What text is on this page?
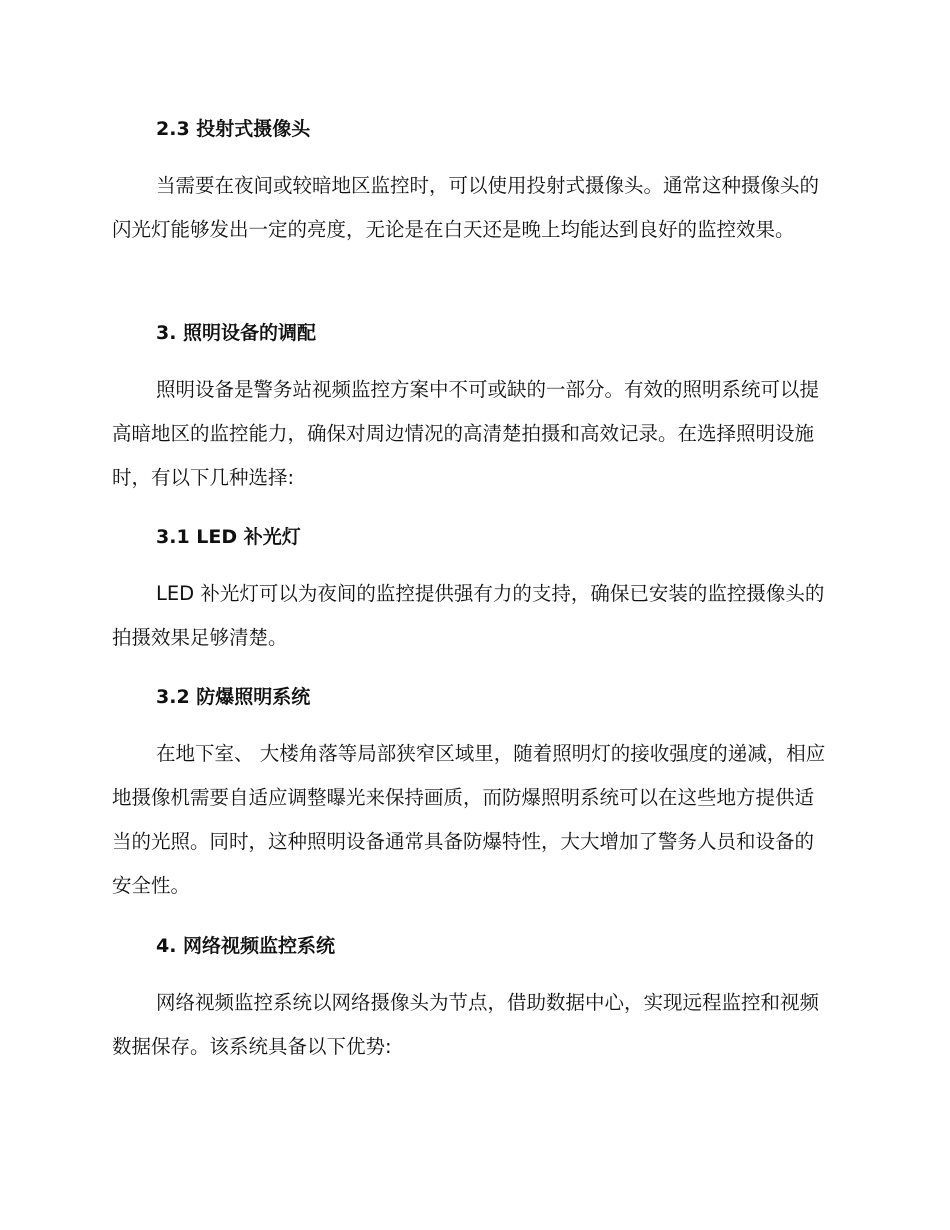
2.3 投射式摄像头

当需要在夜间或较暗地区监控时，可以使用投射式摄像头。通常这种摄像头的闪光灯能够发出一定的亮度，无论是在白天还是晚上均能达到良好的监控效果。

3. 照明设备的调配

照明设备是警务站视频监控方案中不可或缺的一部分。有效的照明系统可以提高暗地区的监控能力，确保对周边情况的高清楚拍摄和高效记录。在选择照明设施时，有以下几种选择:

3.1 LED 补光灯

LED 补光灯可以为夜间的监控提供强有力的支持，确保已安装的监控摄像头的拍摄效果足够清楚。

3.2 防爆照明系统

在地下室、 大楼角落等局部狭窄区域里，随着照明灯的接收强度的递减，相应地摄像机需要自适应调整曝光来保持画质，而防爆照明系统可以在这些地方提供适当的光照。同时，这种照明设备通常具备防爆特性，大大增加了警务人员和设备的安全性。

4. 网络视频监控系统

网络视频监控系统以网络摄像头为节点，借助数据中心，实现远程监控和视频数据保存。该系统具备以下优势:
